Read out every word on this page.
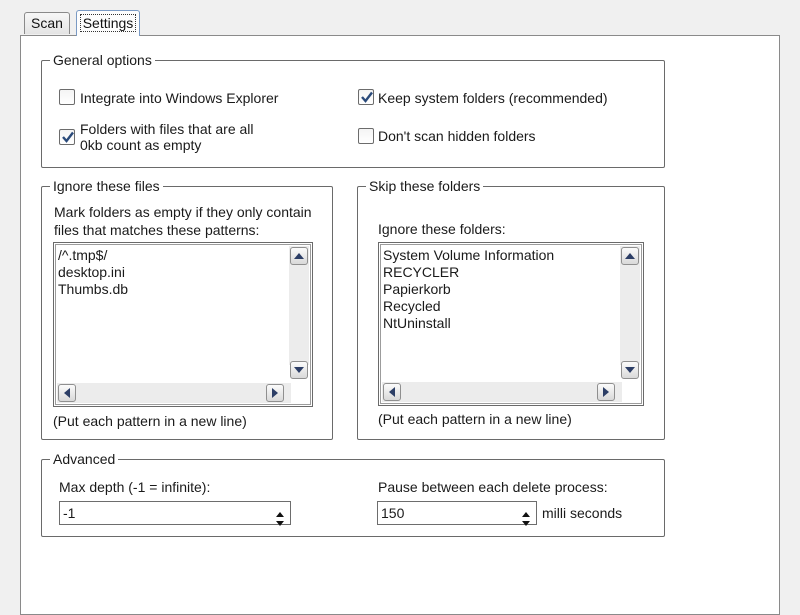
Scan	Settings
General options
Integrate into Windows Explorer	Keep system folders (recommended)
Folders with files that are all
0kb count as empty
Don't scan hidden folders
Ignore these files
Mark folders as empty if they only contain
files that matches these patterns:
/^.tmp$/
desktop.ini
Thumbs.db
(Put each pattern in a new line)
Skip these folders
Ignore these folders:
System Volume Information
RECYCLER
Papierkorb
Recycled
NtUninstall
(Put each pattern in a new line)
Advanced
Max depth (-1 = infinite):
-1
Pause between each delete process:
150	milli seconds
